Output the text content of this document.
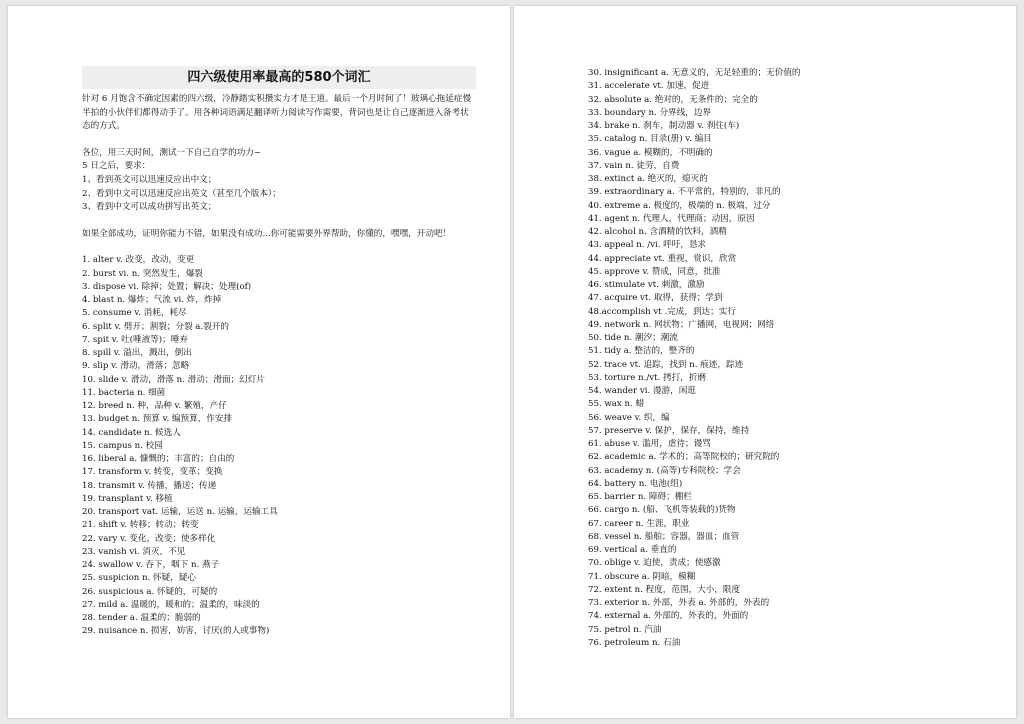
四六级使用率最高的580个词汇
针对 6 月饱含不确定因素的四六级，冷静踏实积攒实力才是王道。最后一个月时间了！玻璃心拖延症慢半拍的小伙伴们都得动手了。用各种词语满足翻译听力阅读写作需要，背词也是让自己逐渐进入备考状态的方式。
各位，用三天时间，测试一下自己自学的功力~
5 日之后，要求：
1、看到英文可以迅速反应出中文；
2、看到中文可以迅速反应出英文（甚至几个版本）；
3、看到中文可以成功拼写出英文；
如果全部成功，证明你能力不错，如果没有成功...你可能需要外界帮助，你懂的，嘿嘿，开动吧！
1. alter v. 改变，改动，变更
2. burst vi. n. 突然发生，爆裂
3. dispose vi. 除掉；处置；解决；处理(of)
4. blast n. 爆炸；气流 vi. 炸，炸掉
5. consume v. 消耗，耗尽
6. split v. 劈开；割裂；分裂 a.裂开的
7. spit v. 吐(唾液等)；唾弃
8. spill v. 溢出，溅出，倒出
9. slip v. 滑动，滑落；忽略
10. slide v. 滑动，滑落 n. 滑动；滑面；幻灯片
11. bacteria n. 细菌
12. breed n. 种，品种 v. 繁殖，产仔
13. budget n. 预算 v. 编预算，作安排
14. candidate n. 候选人
15. campus n. 校园
16. liberal a. 慷慨的；丰富的；自由的
17. transform v. 转变，变革；变换
18. transmit v. 传播，播送；传递
19. transplant v. 移植
20. transport vat. 运输，运送 n. 运输，运输工具
21. shift v. 转移；转动；转变
22. vary v. 变化，改变；使多样化
23. vanish vi. 消灭，不见
24. swallow v. 吞下，咽下 n. 燕子
25. suspicion n. 怀疑，疑心
26. suspicious a. 怀疑的，可疑的
27. mild a. 温暖的，暖和的；温柔的，味淡的
28. tender a. 温柔的；脆弱的
29. nuisance n. 损害，妨害，讨厌(的人或事物)
30. insignificant a. 无意义的，无足轻重的；无价值的
31. accelerate vt. 加速，促进
32. absolute a. 绝对的，无条件的；完全的
33. boundary n. 分界线，边界
34. brake n. 刹车，制动器 v. 刹住(车)
35. catalog n. 目录(册) v. 编目
36. vague a. 模糊的，不明确的
37. vain n. 徒劳，自费
38. extinct a. 绝灭的，熄灭的
39. extraordinary a. 不平常的，特别的，非凡的
40. extreme a. 极度的，极端的 n. 极端，过分
41. agent n. 代理人，代理商；动因，原因
42. alcohol n. 含酒精的饮料，酒精
43. appeal n. /vi. 呼吁，恳求
44. appreciate vt. 重视，赏识，欣赏
45. approve v. 赞成，同意，批准
46. stimulate vt. 刺激，激励
47. acquire vt. 取得，获得；学到
48.accomplish vt .完成，到达；实行
49. network n. 网状物；广播网，电视网；网络
50. tide n. 潮汐；潮流
51. tidy a. 整洁的，整齐的
52. trace vt. 追踪，找到 n. 痕迹，踪迹
53. torture n./vt. 拷打，折磨
54. wander vi. 漫游，闲逛
55. wax n. 蜡
56. weave v. 织，编
57. preserve v. 保护，保存，保持，维持
61. abuse v. 滥用，虐待；谩骂
62. academic a. 学术的；高等院校的；研究院的
63. academy n. (高等)专科院校；学会
64. battery n. 电池(组)
65. barrier n. 障碍；棚栏
66. cargo n. (船、飞机等装载的)货物
67. career n. 生涯，职业
68. vessel n. 船舶；容器，器皿；血管
69. vertical a. 垂直的
70. oblige v. 迫使，责成；使感激
71. obscure a. 阴暗，模糊
72. extent n. 程度，范围，大小，限度
73. exterior n. 外部，外表 a. 外部的，外表的
74. external a. 外部的，外表的，外面的
75. petrol n. 汽油
76. petroleum n. 石油
